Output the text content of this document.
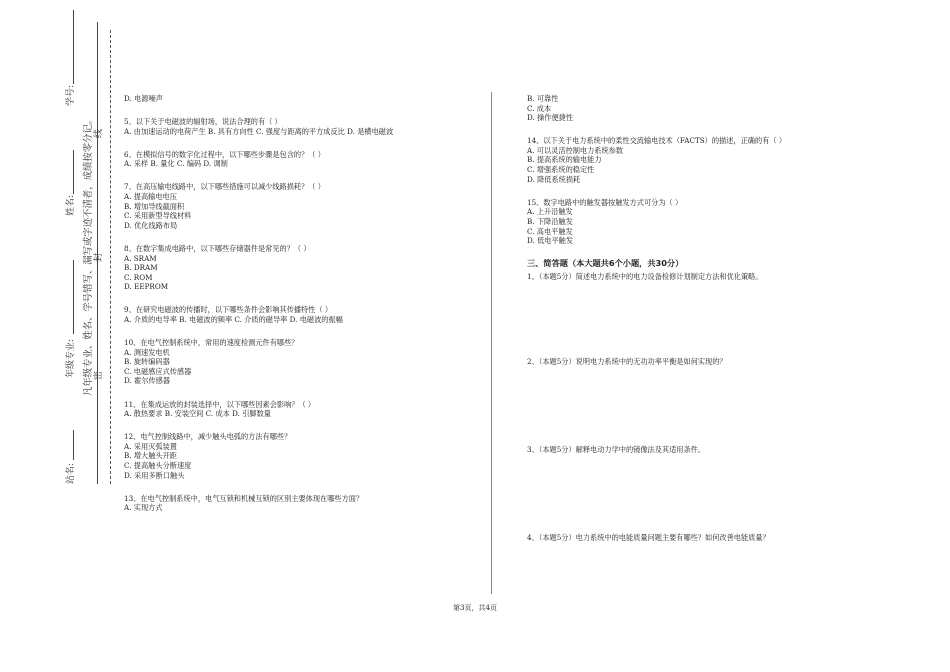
学号:
姓名:
年级专业:
站名:
凡年级专业、姓名、学号错写、漏写或字迹不清者，成绩按零分记。 密
封
线
D. 电源噪声
5、以下关于电磁波的辐射场，说法合理的有（ ）
A. 由加速运动的电荷产生 B. 具有方向性 C. 强度与距离的平方成反比 D. 是横电磁波
6、在模拟信号的数字化过程中，以下哪些步骤是包含的？（ ）
A. 采样 B. 量化 C. 编码 D. 调制
7、在高压输电线路中，以下哪些措施可以减少线路损耗？（ ）
A. 提高输电电压
B. 增加导线截面积
C. 采用新型导线材料
D. 优化线路布局
8、在数字集成电路中，以下哪些存储器件是常见的？（ ）
A. SRAM
B. DRAM
C. ROM
D. EEPROM
9、在研究电磁波的传播时，以下哪些条件会影响其传播特性（ ）
A. 介质的电导率 B. 电磁波的频率 C. 介质的磁导率 D. 电磁波的振幅
10、在电气控制系统中，常用的速度检测元件有哪些？
A. 测速发电机
B. 旋转编码器
C. 电磁感应式传感器
D. 霍尔传感器
11、在集成运放的封装选择中，以下哪些因素会影响？（ ）
A. 散热要求 B. 安装空间 C. 成本 D. 引脚数量
12、电气控制线路中，减少触头电弧的方法有哪些？
A. 采用灭弧装置
B. 增大触头开距
C. 提高触头分断速度
D. 采用多断口触头
13、在电气控制系统中，电气互锁和机械互锁的区别主要体现在哪些方面？
A. 实现方式
B. 可靠性
C. 成本
D. 操作便捷性
14、以下关于电力系统中的柔性交流输电技术（FACTS）的描述，正确的有（ ）
A. 可以灵活控制电力系统参数
B. 提高系统的输电能力
C. 增强系统的稳定性
D. 降低系统损耗
15、数字电路中的触发器按触发方式可分为（ ）
A. 上升沿触发
B. 下降沿触发
C. 高电平触发
D. 低电平触发
三、简答题（本大题共6个小题，共30分）
1、（本题5分）简述电力系统中的电力设备检修计划制定方法和优化策略。
2、（本题5分）说明电力系统中的无功功率平衡是如何实现的？
3、（本题5分）解释电动力学中的镜像法及其适用条件。
4、（本题5分）电力系统中的电能质量问题主要有哪些？如何改善电能质量？
第3页，共4页
